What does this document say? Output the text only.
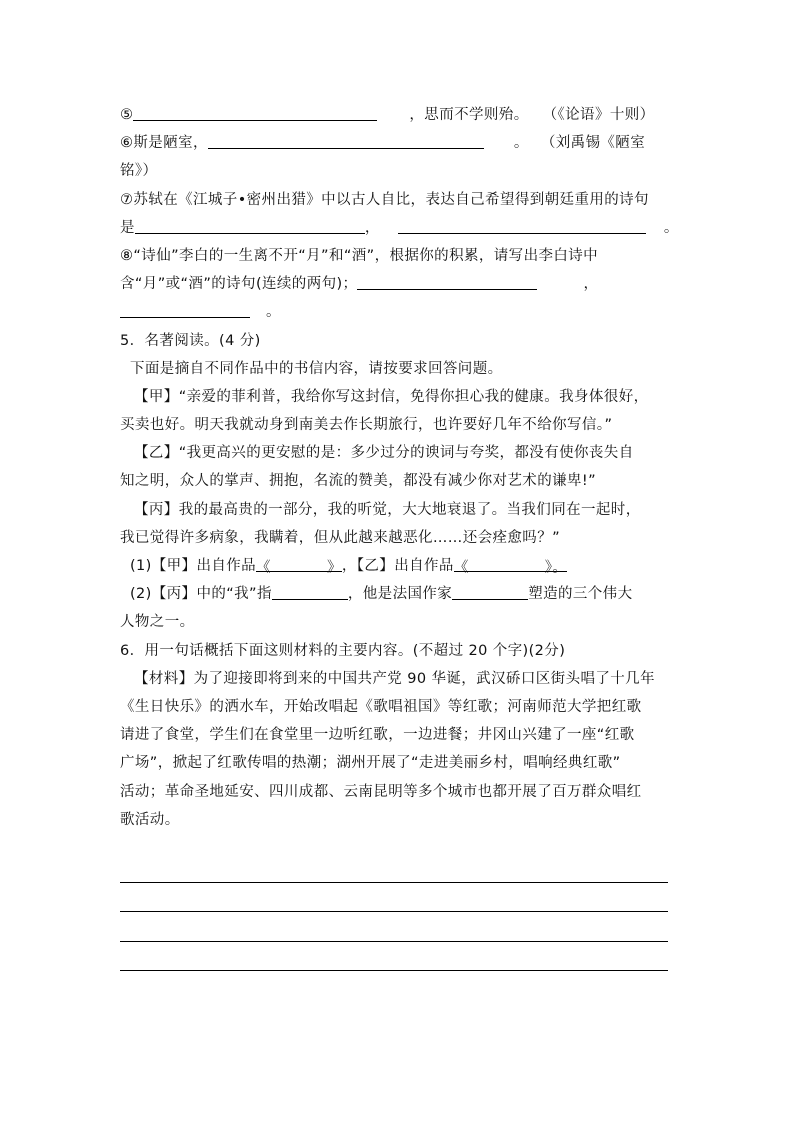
⑤	，思而不学则殆。 （《论语》十则）
⑥斯是陋室，	。 （刘禹锡《陋室
铭》）
⑦苏轼在《江城子•密州出猎》中以古人自比，表达自己希望得到朝廷重用的诗句
是	，	。
⑧“诗仙”李白的一生离不开“月”和“酒”，根据你的积累，请写出李白诗中
含“月”或“酒”的诗句(连续的两句)；	，
。
5．名著阅读。(4 分)
下面是摘自不同作品中的书信内容，请按要求回答问题。
【甲】“亲爱的菲利普，我给你写这封信，免得你担心我的健康。我身体很好，
买卖也好。明天我就动身到南美去作长期旅行，也许要好几年不给你写信。”
【乙】“我更高兴的更安慰的是：多少过分的谀词与夸奖，都没有使你丧失自
知之明，众人的掌声、拥抱，名流的赞美，都没有减少你对艺术的谦卑!”
【丙】我的最高贵的一部分，我的听觉，大大地衰退了。当我们同在一起时，
我已觉得许多病象，我瞒着，但从此越来越恶化……还会痊愈吗？”
(1)【甲】出自作品《	》，【乙】出自作品《	》。
(2)【丙】中的“我”指	，他是法国作家	塑造的三个伟大
人物之一。
6．用一句话概括下面这则材料的主要内容。(不超过 20 个字)(2分)
【材料】为了迎接即将到来的中国共产党 90 华诞，武汉硚口区街头唱了十几年
《生日快乐》的洒水车，开始改唱起《歌唱祖国》等红歌；河南师范大学把红歌
请进了食堂，学生们在食堂里一边听红歌，一边进餐；井冈山兴建了一座“红歌
广场”，掀起了红歌传唱的热潮；湖州开展了“走进美丽乡村，唱响经典红歌”
活动；革命圣地延安、四川成都、云南昆明等多个城市也都开展了百万群众唱红
歌活动。
